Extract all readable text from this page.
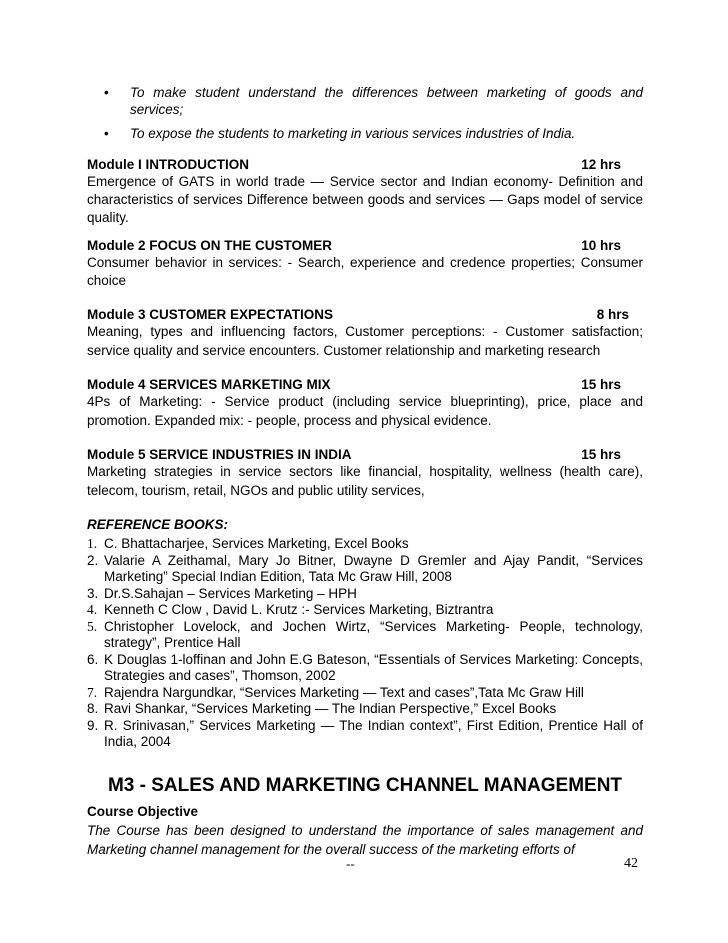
• To make student understand the differences between marketing of goods and services;
• To expose the students to marketing in various services industries of India.
Module I INTRODUCTION	12 hrs
Emergence of GATS in world trade — Service sector and Indian economy- Definition and characteristics of services Difference between goods and services — Gaps model of service quality.
Module 2 FOCUS ON THE CUSTOMER	10 hrs
Consumer behavior in services: - Search, experience and credence properties; Consumer choice
Module 3 CUSTOMER EXPECTATIONS	8 hrs
Meaning, types and influencing factors, Customer perceptions: - Customer satisfaction; service quality and service encounters. Customer relationship and marketing research
Module 4 SERVICES MARKETING MIX	15 hrs
4Ps of Marketing: - Service product (including service blueprinting), price, place and promotion. Expanded mix: - people, process and physical evidence.
Module 5 SERVICE INDUSTRIES IN INDIA	15 hrs
Marketing strategies in service sectors like financial, hospitality, wellness (health care), telecom, tourism, retail, NGOs and public utility services,
REFERENCE BOOKS:
1. C. Bhattacharjee, Services Marketing, Excel Books
2. Valarie A Zeithamal, Mary Jo Bitner, Dwayne D Gremler and Ajay Pandit, “Services Marketing” Special Indian Edition, Tata Mc Graw Hill, 2008
3. Dr.S.Sahajan – Services Marketing – HPH
4. Kenneth C Clow , David L. Krutz :- Services Marketing, Biztrantra
5. Christopher Lovelock, and Jochen Wirtz, “Services Marketing- People, technology, strategy”, Prentice Hall
6. K Douglas 1-loffinan and John E.G Bateson, “Essentials of Services Marketing: Concepts, Strategies and cases”, Thomson, 2002
7. Rajendra Nargundkar, “Services Marketing — Text and cases”,Tata Mc Graw Hill
8. Ravi Shankar, “Services Marketing — The Indian Perspective,” Excel Books
9. R. Srinivasan,” Services Marketing — The Indian context”, First Edition, Prentice Hall of India, 2004
M3 - SALES AND MARKETING CHANNEL MANAGEMENT
Course Objective
The Course has been designed to understand the importance of sales management and Marketing channel management for the overall success of the marketing efforts of
--	42
